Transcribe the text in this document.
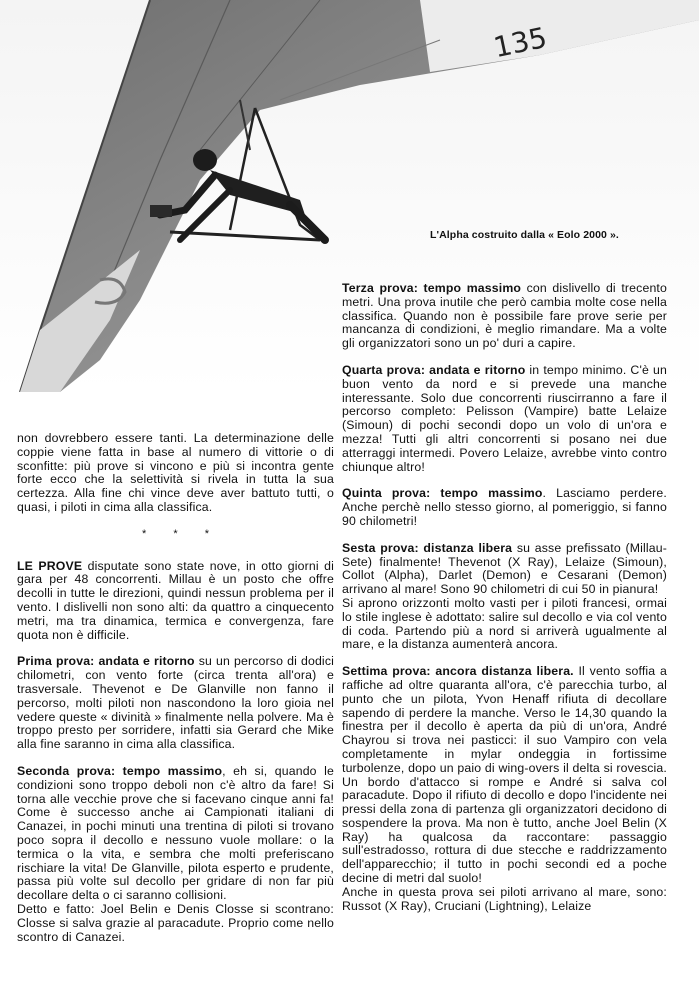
135
L'Alpha costruito dalla « Eolo 2000 ».

non dovrebbero essere tanti. La determinazione delle coppie viene fatta in base al numero di vittorie o di sconfitte: più prove si vincono e più si incontra gente forte ecco che la selettività si rivela in tutta la sua certezza. Alla fine chi vince deve aver battuto tutti, o quasi, i piloti in cima alla classifica.

* * *

LE PROVE disputate sono state nove, in otto giorni di gara per 48 concorrenti. Millau è un posto che offre decolli in tutte le direzioni, quindi nessun problema per il vento. I dislivelli non sono alti: da quattro a cinquecento metri, ma tra dinamica, termica e convergenza, fare quota non è difficile.

Prima prova: andata e ritorno su un percorso di dodici chilometri, con vento forte (circa trenta all'ora) e trasversale. Thevenot e De Glanville non fanno il percorso, molti piloti non nascondono la loro gioia nel vedere queste « divinità » finalmente nella polvere. Ma è troppo presto per sorridere, infatti sia Gerard che Mike alla fine saranno in cima alla classifica.

Seconda prova: tempo massimo, eh si, quando le condizioni sono troppo deboli non c'è altro da fare! Si torna alle vecchie prove che si facevano cinque anni fa! Come è successo anche ai Campionati italiani di Canazei, in pochi minuti una trentina di piloti si trovano poco sopra il decollo e nessuno vuole mollare: o la termica o la vita, e sembra che molti preferiscano rischiare la vita! De Glanville, pilota esperto e prudente, passa più volte sul decollo per gridare di non far più decollare delta o ci saranno collisioni.

Detto e fatto: Joel Belin e Denis Closse si scontrano: Closse si salva grazie al paracadute. Proprio come nello scontro di Canazei.

Terza prova: tempo massimo con dislivello di trecento metri. Una prova inutile che però cambia molte cose nella classifica. Quando non è possibile fare prove serie per mancanza di condizioni, è meglio rimandare. Ma a volte gli organizzatori sono un po' duri a capire.

Quarta prova: andata e ritorno in tempo minimo. C'è un buon vento da nord e si prevede una manche interessante. Solo due concorrenti riuscirranno a fare il percorso completo: Pelisson (Vampire) batte Lelaize (Simoun) di pochi secondi dopo un volo di un'ora e mezza! Tutti gli altri concorrenti si posano nei due atterraggi intermedi. Povero Lelaize, avrebbe vinto contro chiunque altro!

Quinta prova: tempo massimo. Lasciamo perdere. Anche perchè nello stesso giorno, al pomeriggio, si fanno 90 chilometri!

Sesta prova: distanza libera su asse prefissato (Millau-Sete) finalmente! Thevenot (X Ray), Lelaize (Simoun), Collot (Alpha), Darlet (Demon) e Cesarani (Demon) arrivano al mare! Sono 90 chilometri di cui 50 in pianura!

Si aprono orizzonti molto vasti per i piloti francesi, ormai lo stile inglese è adottato: salire sul decollo e via col vento di coda. Partendo più a nord si arriverà ugualmente al mare, e la distanza aumenterà ancora.

Settima prova: ancora distanza libera. Il vento soffia a raffiche ad oltre quaranta all'ora, c'è parecchia turbo, al punto che un pilota, Yvon Henaff rifiuta di decollare sapendo di perdere la manche. Verso le 14,30 quando la finestra per il decollo è aperta da più di un'ora, André Chayrou si trova nei pasticci: il suo Vampiro con vela completamente in mylar ondeggia in fortissime turbolenze, dopo un paio di wing-overs il delta si rovescia. Un bordo d'attacco si rompe e André si salva col paracadute. Dopo il rifiuto di decollo e dopo l'incidente nei pressi della zona di partenza gli organizzatori decidono di sospendere la prova. Ma non è tutto, anche Joel Belin (X Ray) ha qualcosa da raccontare: passaggio sull'estradosso, rottura di due stecche e raddrizzamento dell'apparecchio; il tutto in pochi secondi ed a poche decine di metri dal suolo!

Anche in questa prova sei piloti arrivano al mare, sono: Russot (X Ray), Cruciani (Lightning), Lelaize
